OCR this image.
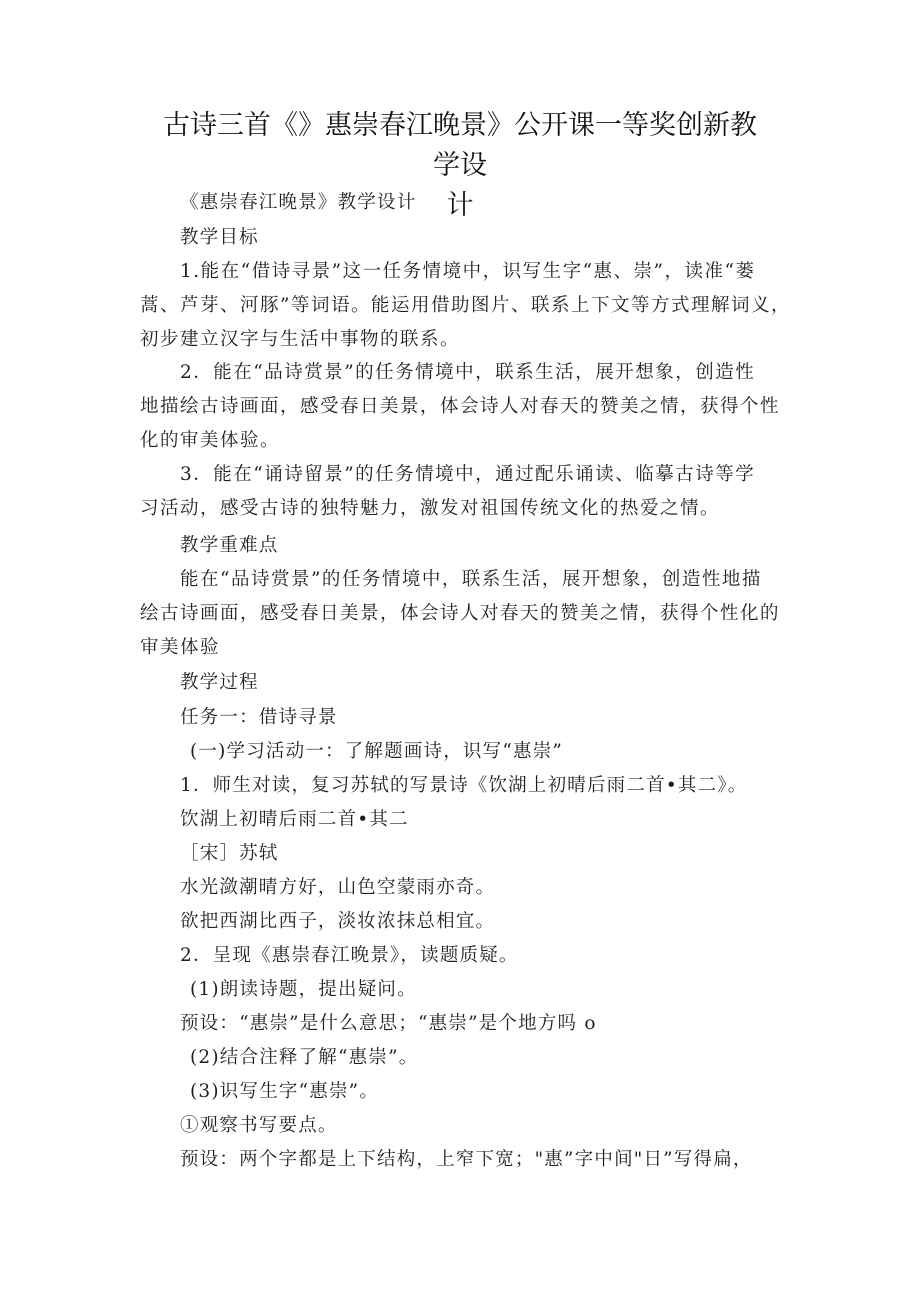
古诗三首《》惠崇春江晚景》公开课一等奖创新教学设
计
《惠崇春江晚景》教学设计
教学目标
1.能在“借诗寻景”这一任务情境中，识写生字“惠、崇”，读准“蒌
蒿、芦芽、河豚”等词语。能运用借助图片、联系上下文等方式理解词义，
初步建立汉字与生活中事物的联系。
2．能在“品诗赏景”的任务情境中，联系生活，展开想象，创造性
地描绘古诗画面，感受春日美景，体会诗人对春天的赞美之情，获得个性
化的审美体验。
3．能在“诵诗留景”的任务情境中，通过配乐诵读、临摹古诗等学
习活动，感受古诗的独特魅力，激发对祖国传统文化的热爱之情。
教学重难点
能在“品诗赏景”的任务情境中，联系生活，展开想象，创造性地描
绘古诗画面，感受春日美景，体会诗人对春天的赞美之情，获得个性化的
审美体验
教学过程
任务一：借诗寻景
(一)学习活动一：了解题画诗，识写“惠崇”
1．师生对读，复习苏轼的写景诗《饮湖上初晴后雨二首•其二》。
饮湖上初晴后雨二首•其二
［宋］苏轼
水光潋潮晴方好，山色空蒙雨亦奇。
欲把西湖比西子，淡妆浓抹总相宜。
2．呈现《惠崇春江晚景》，读题质疑。
(1)朗读诗题，提出疑问。
预设：“惠崇”是什么意思；“惠崇”是个地方吗 o
(2)结合注释了解“惠崇”。
(3)识写生字“惠崇”。
①观察书写要点。
预设：两个字都是上下结构，上窄下宽；"惠”字中间"日”写得扁，
